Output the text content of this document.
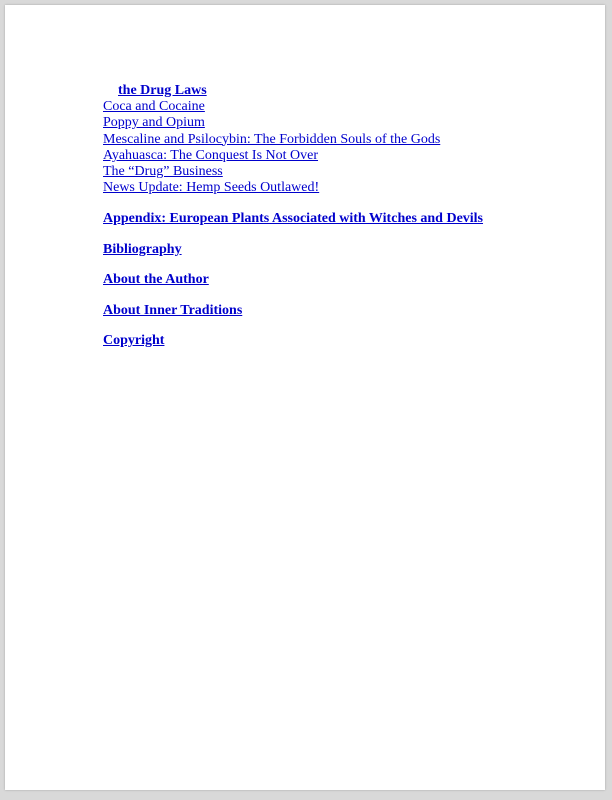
the Drug Laws
Coca and Cocaine
Poppy and Opium
Mescaline and Psilocybin: The Forbidden Souls of the Gods
Ayahuasca: The Conquest Is Not Over
The “Drug” Business
News Update: Hemp Seeds Outlawed!
Appendix: European Plants Associated with Witches and Devils
Bibliography
About the Author
About Inner Traditions
Copyright
